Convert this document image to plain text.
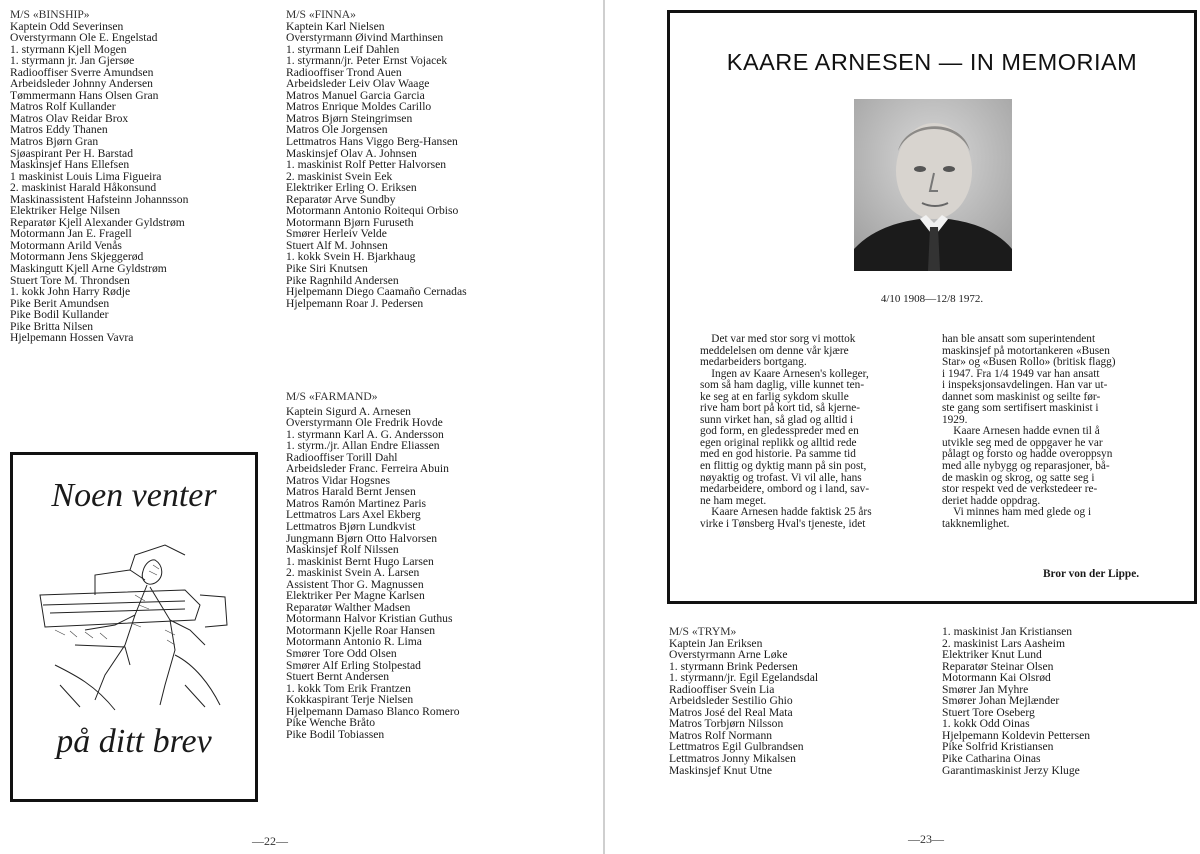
M/S «BINSHIP»
Kaptein Odd Severinsen
Overstyrmann Ole E. Engelstad
1. styrmann Kjell Mogen
1. styrmann jr. Jan Gjersøe
Radiooffiser Sverre Amundsen
Arbeidsleder Johnny Andersen
Tømmermann Hans Olsen Gran
Matros Rolf Kullander
Matros Olav Reidar Brox
Matros Eddy Thanen
Matros Bjørn Gran
Sjøaspirant Per H. Barstad
Maskinsjef Hans Ellefsen
1 maskinist Louis Lima Figueira
2. maskinist Harald Håkonsund
Maskinassistent Hafsteinn Johannsson
Elektriker Helge Nilsen
Reparatør Kjell Alexander Gyldstrøm
Motormann Jan E. Fragell
Motormann Arild Venås
Motormann Jens Skjeggerød
Maskingutt Kjell Arne Gyldstrøm
Stuert Tore M. Throndsen
1. kokk John Harry Rødje
Pike Berit Amundsen
Pike Bodil Kullander
Pike Britta Nilsen
Hjelpemann Hossen Vavra
M/S «FINNA»
Kaptein Karl Nielsen
Overstyrmann Øivind Marthinsen
1. styrmann Leif Dahlen
1. styrmann/jr. Peter Ernst Vojacek
Radiooffiser Trond Auen
Arbeidsleder Leiv Olav Waage
Matros Manuel Garcia Garcia
Matros Enrique Moldes Carillo
Matros Bjørn Steingrimsen
Matros Ole Jorgensen
Lettmatros Hans Viggo Berg-Hansen
Maskinsjef Olav A. Johnsen
1. maskinist Rolf Petter Halvorsen
2. maskinist Svein Eek
Elektriker Erling O. Eriksen
Reparatør Arve Sundby
Motormann Antonio Roitequi Orbiso
Motormann Bjørn Furuseth
Smører Herleiv Velde
Stuert Alf M. Johnsen
1. kokk Svein H. Bjarkhaug
Pike Siri Knutsen
Pike Ragnhild Andersen
Hjelpemann Diego Caamaño Cernadas
Hjelpemann Roar J. Pedersen
M/S «FARMAND»
Kaptein Sigurd A. Arnesen
Overstyrmann Ole Fredrik Hovde
1. styrmann Karl A. G. Andersson
1. styrm./jr. Allan Endre Eliassen
Radiooffiser Torill Dahl
Arbeidsleder Franc. Ferreira Abuin
Matros Vidar Hogsnes
Matros Harald Bernt Jensen
Matros Ramón Martinez Paris
Lettmatros Lars Axel Ekberg
Lettmatros Bjørn Lundkvist
Jungmann Bjørn Otto Halvorsen
Maskinsjef Rolf Nilssen
1. maskinist Bernt Hugo Larsen
2. maskinist Svein A. Larsen
Assistent Thor G. Magnussen
Elektriker Per Magne Karlsen
Reparatør Walther Madsen
Motormann Halvor Kristian Guthus
Motormann Kjelle Roar Hansen
Motormann Antonio R. Lima
Smører Tore Odd Olsen
Smører Alf Erling Stolpestad
Stuert Bernt Andersen
1. kokk Tom Erik Frantzen
Kokkaspirant Terje Nielsen
Hjelpemann Damaso Blanco Romero
Pike Wenche Bråto
Pike Bodil Tobiassen
Noen venter
på ditt brev
—22—
KAARE ARNESEN — IN MEMORIAM
4/10 1908—12/8 1972.
Det var med stor sorg vi mottok
meddelelsen om denne vår kjære
medarbeiders bortgang.
Ingen av Kaare Arnesen's kolleger,
som så ham daglig, ville kunnet ten-
ke seg at en farlig sykdom skulle
rive ham bort på kort tid, så kjerne-
sunn virket han, så glad og alltid i
god form, en gledesspreder med en
egen original replikk og alltid rede
med en god historie. Pa samme tid
en flittig og dyktig mann på sin post,
nøyaktig og trofast. Vi vil alle, hans
medarbeidere, ombord og i land, sav-
ne ham meget.
Kaare Arnesen hadde faktisk 25 års
virke i Tønsberg Hval's tjeneste, idet
han ble ansatt som superintendent
maskinsjef på motortankeren «Busen
Star» og «Busen Rollo» (britisk flagg)
i 1947. Fra 1/4 1949 var han ansatt
i inspeksjonsavdelingen. Han var ut-
dannet som maskinist og seilte før-
ste gang som sertifisert maskinist i
1929.
Kaare Arnesen hadde evnen til å
utvikle seg med de oppgaver he var
pålagt og forsto og hadde overoppsyn
med alle nybygg og reparasjoner, bå-
de maskin og skrog, og satte seg i
stor respekt ved de verkstedeer re-
deriet hadde oppdrag.
Vi minnes ham med glede og i
takknemlighet.
Bror von der Lippe.
M/S «TRYM»
Kaptein Jan Eriksen
Overstyrmann Arne Løke
1. styrmann Brink Pedersen
1. styrmann/jr. Egil Egelandsdal
Radiooffiser Svein Lia
Arbeidsleder Sestilio Ghio
Matros José del Real Mata
Matros Torbjørn Nilsson
Matros Rolf Normann
Lettmatros Egil Gulbrandsen
Lettmatros Jonny Mikalsen
Maskinsjef Knut Utne
1. maskinist Jan Kristiansen
2. maskinist Lars Aasheim
Elektriker Knut Lund
Reparatør Steinar Olsen
Motormann Kai Olsrød
Smører Jan Myhre
Smører Johan Mejlænder
Stuert Tore Oseberg
1. kokk Odd Oinas
Hjelpemann Koldevin Pettersen
Pike Solfrid Kristiansen
Pike Catharina Oinas
Garantimaskinist Jerzy Kluge
—23—
